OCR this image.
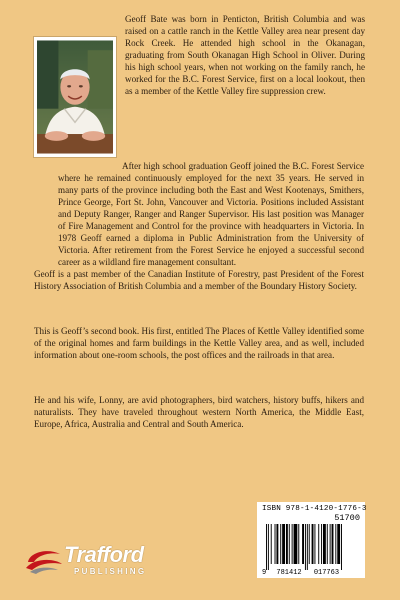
Geoff Bate was born in Penticton, British Columbia and was raised on a cattle ranch in the Kettle Valley area near present day Rock Creek. He attended high school in the Okanagan, graduating from South Okanagan High School in Oliver. During his high school years, when not working on the family ranch, he worked for the B.C. Forest Service, first on a local lookout, then as a member of the Kettle Valley fire suppression crew.

After high school graduation Geoff joined the B.C. Forest Service where he remained continuously employed for the next 35 years. He served in many parts of the province including both the East and West Kootenays, Smithers, Prince George, Fort St. John, Vancouver and Victoria. Positions included Assistant and Deputy Ranger, Ranger and Ranger Supervisor. His last position was Manager of Fire Management and Control for the province with headquarters in Victoria. In 1978 Geoff earned a diploma in Public Administration from the University of Victoria. After retirement from the Forest Service he enjoyed a successful second career as a wildland fire management consultant.

Geoff is a past member of the Canadian Institute of Forestry, past President of the Forest History Association of British Columbia and a member of the Boundary History Society.

This is Geoff’s second book. His first, entitled The Places of Kettle Valley identified some of the original homes and farm buildings in the Kettle Valley area, and as well, included information about one-room schools, the post offices and the railroads in that area.

He and his wife, Lonny, are avid photographers, bird watchers, history buffs, hikers and naturalists. They have traveled throughout western North America, the Middle East, Europe, Africa, Australia and Central and South America.

Trafford
PUBLISHING
ISBN 978-1-4120-1776-3
51700
9 781412 017763
